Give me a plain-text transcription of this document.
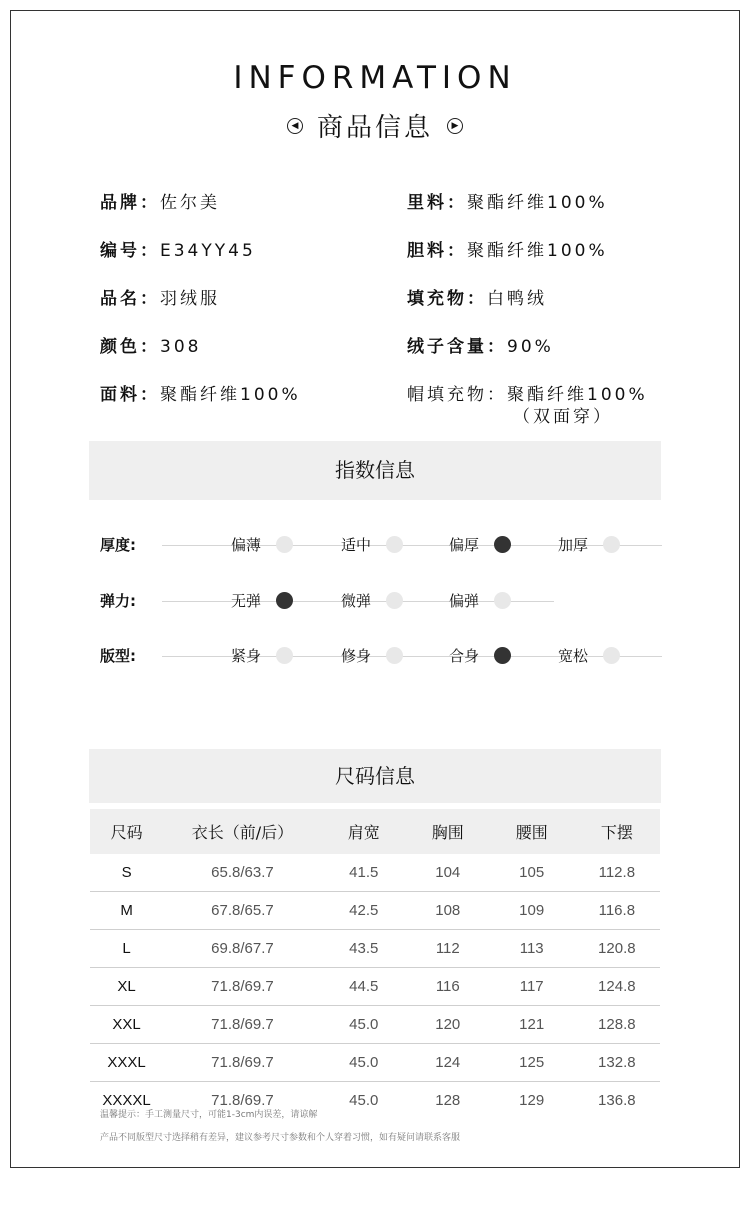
INFORMATION
◀ 商品信息 ▶
品牌：佐尔美
编号：E34YY45
品名：羽绒服
颜色：308
面料：聚酯纤维100%
里料：聚酯纤维100%
胆料：聚酯纤维100%
填充物：白鸭绒
绒子含量：90%
帽填充物：聚酯纤维100%
（双面穿）
指数信息
厚度:	偏薄	适中	偏厚	加厚
弹力:	无弹	微弹	偏弹
版型:	紧身	修身	合身	宽松
尺码信息
尺码	衣长（前/后）	肩宽	胸围	腰围	下摆
S	65.8/63.7	41.5	104	105	112.8
M	67.8/65.7	42.5	108	109	116.8
L	69.8/67.7	43.5	112	113	120.8
XL	71.8/69.7	44.5	116	117	124.8
XXL	71.8/69.7	45.0	120	121	128.8
XXXL	71.8/69.7	45.0	124	125	132.8
XXXXL	71.8/69.7	45.0	128	129	136.8
温馨提示：手工测量尺寸，可能1-3cm内误差，请谅解
产品不同版型尺寸选择稍有差异，建议参考尺寸参数和个人穿着习惯，如有疑问请联系客服
